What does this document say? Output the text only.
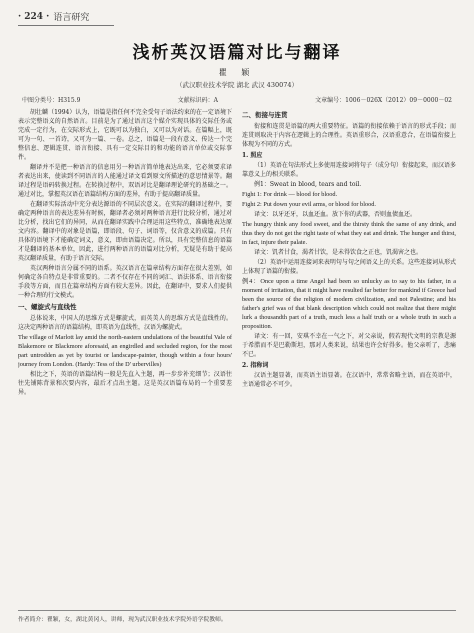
· 224 · 语言研究
浅析英汉语篇对比与翻译
瞿 颖
（武汉职业技术学院 湖北 武汉 430074）
中图分类号：H315.9	文献标识码：A	文章编号：1006－026X（2012）09－0000－02

胡壮麟（1994）认为，语篇是指任何不完全受句子语法约束的在一定语境下表示完整语义的自然语言。目前是为了通过语言这个媒介实现具体的交际任务或完成一定行为，在交际形式上，它既可以为独白，又可以为对话。在篇幅上，既可为一句、一首诗，又可为一篇、一卷。总之，语篇是一段有意义、传达一个完整信息、逻辑连贯、语言衔接、具有一定交际目的和功能的语言单位或交际事件。

翻译并不是把一种语言的信息用另一种语言简单地表达出来，它必须要求译者表达出来，使读到不同语言的人能通过译文看到原文所描述的意思情景等。翻译过程是语码转换过程。在转换过程中，双语对比是翻译理论研究的基础之一。通过对比，掌握英汉语在语篇结构方面的差异，有助于提高翻译质量。

在翻译实际活动中充分表达源语的不同层次意义。在实际的翻译过程中，要确定两种语言的表达差异有时候，翻译者必须对两种语言进行比较分析，通过对比分析，找出它们的异同，从而在翻译实践中合理运用这些特点，准确地表达原文内容。翻译中的对象是语篇，即语段、句子、词语等，仅含意义的成篇。只有具体的语境下才能确定词义，意义，即由语篇决定。所以，具有完整信息的语篇才是翻译的基本单位，因此，进行两种语言的语篇对比分析，无疑是有助于提高英汉翻译质量，有助于语言交际。

英汉两种语言分属不同的语系。英汉语言在篇章结构方面存在很大差别，如何确定各自特点是非常重要的。二者不仅存在不同的词汇、语法体系、语言衔接手段等方面，而且在篇章结构方面有较大差异。因此，在翻译中，要求人们提供一种合理的行文模式。

一、螺旋式与直线性

总体说来，中国人的思维方式是螺旋式，而英美人的思维方式是直线性的。这决定两种语言的语篇结构，即英语为直线性，汉语为螺旋式。

The village of Marlott lay amid the north-eastern undulations of the beautiful Vale of Blakemore or Blackmore aforesaid, an engirdled and secluded region, for the most part untrodden as yet by tourist or landscape-painter, though within a four hours' journey from London. (Hardy: Tess of the D' urbervilles)

相比之下，英语的语篇结构一般是先直入主题，再一步步补充细节；汉语往往先铺陈背景和次要内容，最后才点出主题。这是英汉语篇布局的一个重要差异。

二、衔接与连贯

衔接和连贯是语篇的两大重要特征。语篇的衔接依赖于语言的形式手段；而连贯则取决于内容在逻辑上的合理性。英语重形合，汉语重意合，在语篇衔接上体现为不同的方式。

1. 照应

（1）英语在句法形式上多使用连接词将句子（成分句）衔接起来，而汉语多靠意义上的相关联系。

例1：Sweat in blood, tears and toil.

Fight 1: For drink — blood for blood.

Fight 2: Put down your evil arms, or blood for blood.

译文：以牙还牙，以血还血。放下你的武器，否则血债血还。

The hungry think any food sweet, and the thirsty think the same of any drink, and thus they do not get the right taste of what they eat and drink. The hunger and thirst, in fact, injure their palate.

译文：饥者甘食，渴者甘饮，是未得饮食之正也，饥渴害之也。

（2）英语中运用连接词来表明句与句之间语义上的关系。这些连接词从形式上体现了语篇的衔接。

例4：Once upon a time Angel had been so unlucky as to say to his father, in a moment of irritation, that it might have resulted far better for mankind if Greece had been the source of the religion of modern civilization, and not Palestine; and his father's grief was of that blank description which could not realize that there might lurk a thousandth part of a truth, much less a half truth or a whole truth in such a proposition.

译文：有一回，安琪不幸在一气之下，对父亲说，假若现代文明的宗教是源于希腊而不是巴勒斯坦，那对人类来说，结果也许会好得多。他父亲听了，悲痛不已。

2. 指称词

汉语主题显著，而英语主语显著。在汉语中，常常省略主语，而在英语中，主语通常必不可少。

作者简介：瞿颖，女，湖北黄冈人，讲师，现为武汉职业技术学院外语学院教师。
